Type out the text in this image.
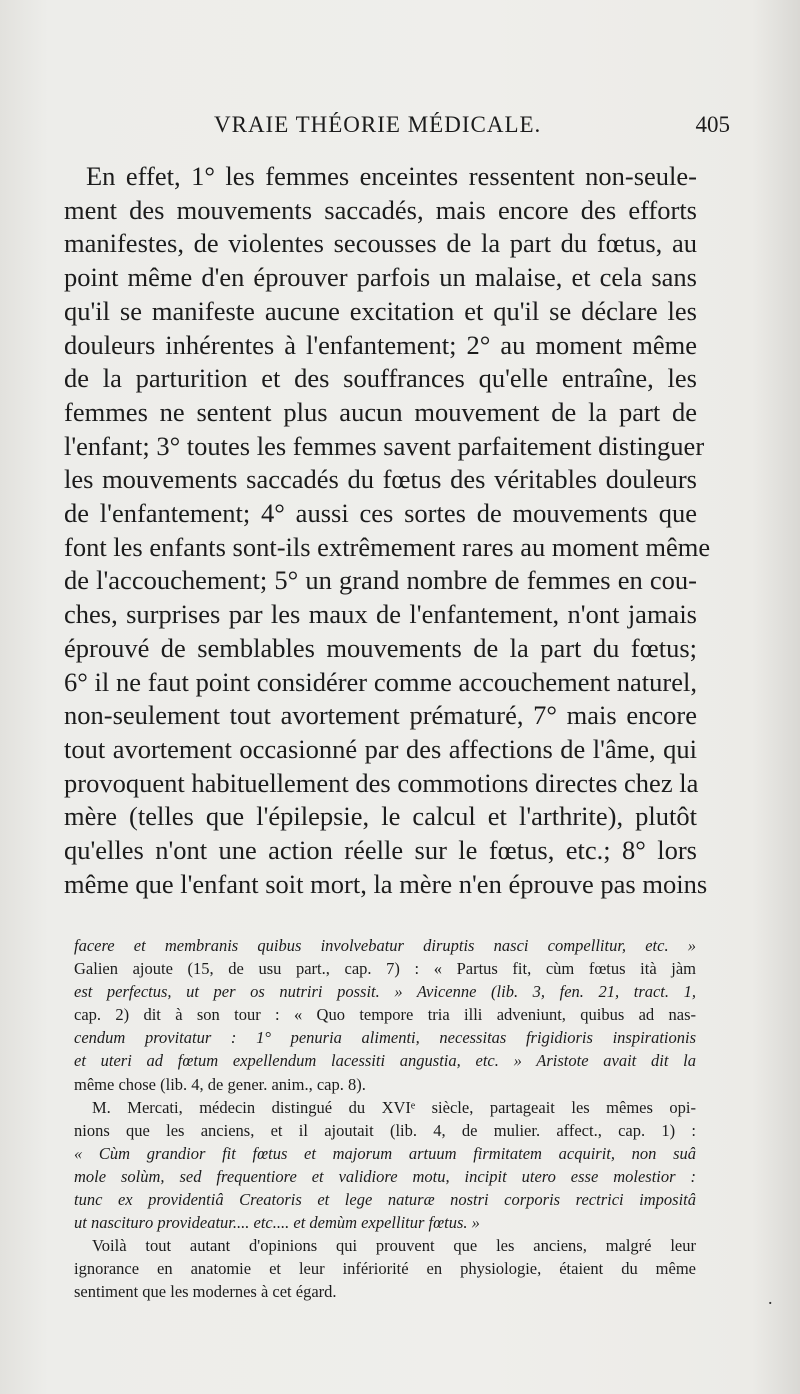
VRAIE THÉORIE MÉDICALE.	405
En effet, 1° les femmes enceintes ressentent non-seule-
ment des mouvements saccadés, mais encore des efforts
manifestes, de violentes secousses de la part du fœtus, au
point même d'en éprouver parfois un malaise, et cela sans
qu'il se manifeste aucune excitation et qu'il se déclare les
douleurs inhérentes à l'enfantement; 2° au moment même
de la parturition et des souffrances qu'elle entraîne, les
femmes ne sentent plus aucun mouvement de la part de
l'enfant; 3° toutes les femmes savent parfaitement distinguer
les mouvements saccadés du fœtus des véritables douleurs
de l'enfantement; 4° aussi ces sortes de mouvements que
font les enfants sont-ils extrêmement rares au moment même
de l'accouchement; 5° un grand nombre de femmes en cou-
ches, surprises par les maux de l'enfantement, n'ont jamais
éprouvé de semblables mouvements de la part du fœtus;
6° il ne faut point considérer comme accouchement naturel,
non-seulement tout avortement prématuré, 7° mais encore
tout avortement occasionné par des affections de l'âme, qui
provoquent habituellement des commotions directes chez la
mère (telles que l'épilepsie, le calcul et l'arthrite), plutôt
qu'elles n'ont une action réelle sur le fœtus, etc.; 8° lors
même que l'enfant soit mort, la mère n'en éprouve pas moins
facere et membranis quibus involvebatur diruptis nasci compellitur, etc. »
Galien ajoute (15, de usu part., cap. 7) : « Partus fit, cùm fœtus ità jàm
est perfectus, ut per os nutriri possit. » Avicenne (lib. 3, fen. 21, tract. 1,
cap. 2) dit à son tour : « Quo tempore tria illi adveniunt, quibus ad nas-
cendum provitatur : 1° penuria alimenti, necessitas frigidioris inspirationis
et uteri ad fœtum expellendum lacessiti angustia, etc. » Aristote avait dit la
même chose (lib. 4, de gener. anim., cap. 8).
M. Mercati, médecin distingué du XVIᵉ siècle, partageait les mêmes opi-
nions que les anciens, et il ajoutait (lib. 4, de mulier. affect., cap. 1) :
« Cùm grandior fit fœtus et majorum artuum firmitatem acquirit, non suâ
mole solùm, sed frequentiore et validiore motu, incipit utero esse molestior :
tunc ex providentiâ Creatoris et lege naturæ nostri corporis rectrici impositâ
ut nasciturо provideatur.... etc.... et demùm expellitur fœtus. »
Voilà tout autant d'opinions qui prouvent que les anciens, malgré leur
ignorance en anatomie et leur infériorité en physiologie, étaient du même
sentiment que les modernes à cet égard.	.
